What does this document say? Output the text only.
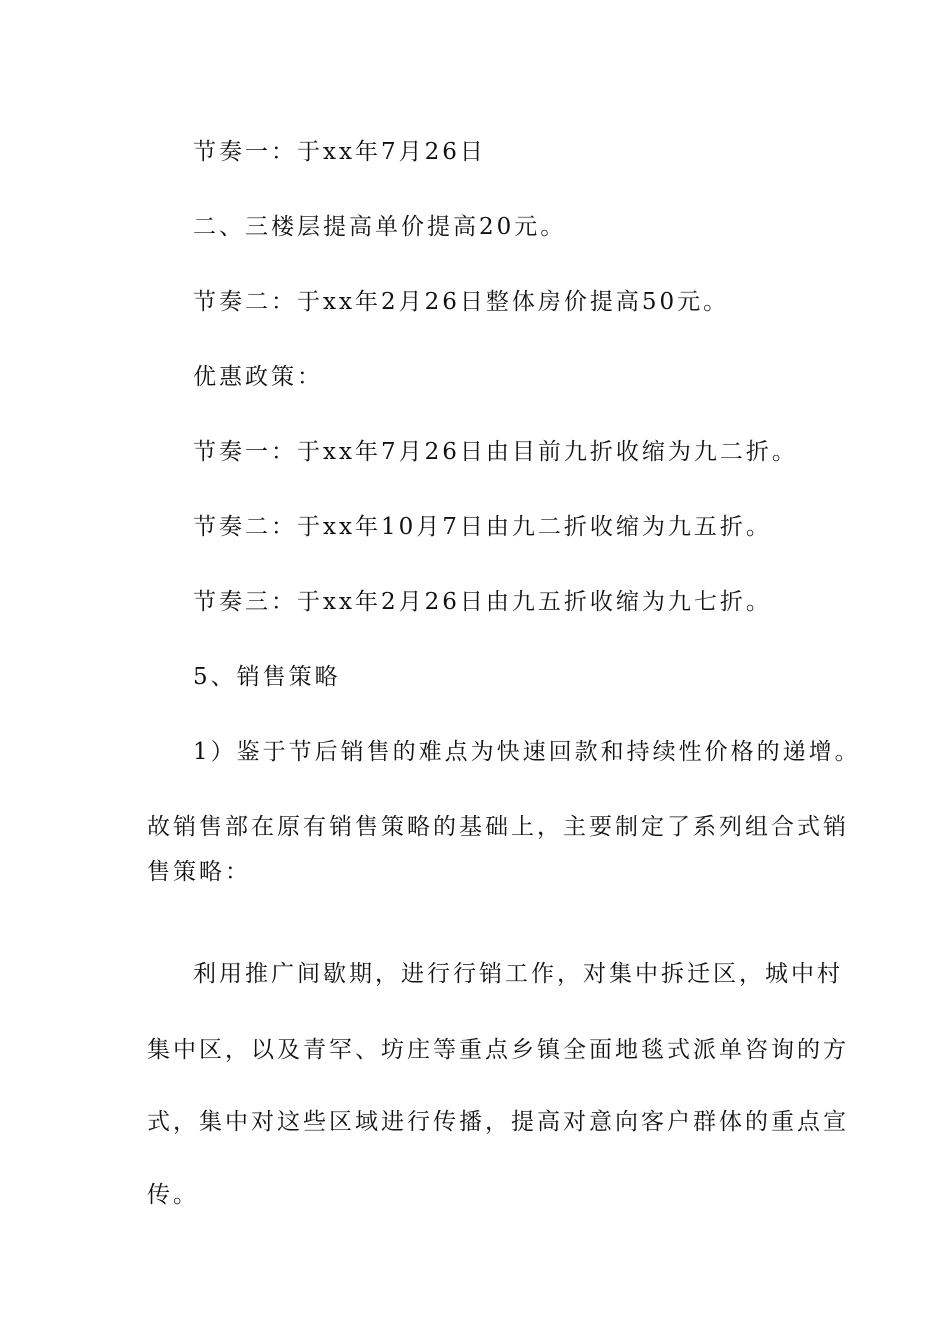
节奏一：于xx年7月26日
二、三楼层提高单价提高20元。
节奏二：于xx年2月26日整体房价提高50元。
优惠政策：
节奏一：于xx年7月26日由目前九折收缩为九二折。
节奏二：于xx年10月7日由九二折收缩为九五折。
节奏三：于xx年2月26日由九五折收缩为九七折。
5、销售策略
1）鉴于节后销售的难点为快速回款和持续性价格的递增。
故销售部在原有销售策略的基础上，主要制定了系列组合式销
售策略：
利用推广间歇期，进行行销工作，对集中拆迁区，城中村
集中区，以及青罕、坊庄等重点乡镇全面地毯式派单咨询的方
式，集中对这些区域进行传播，提高对意向客户群体的重点宣
传。
